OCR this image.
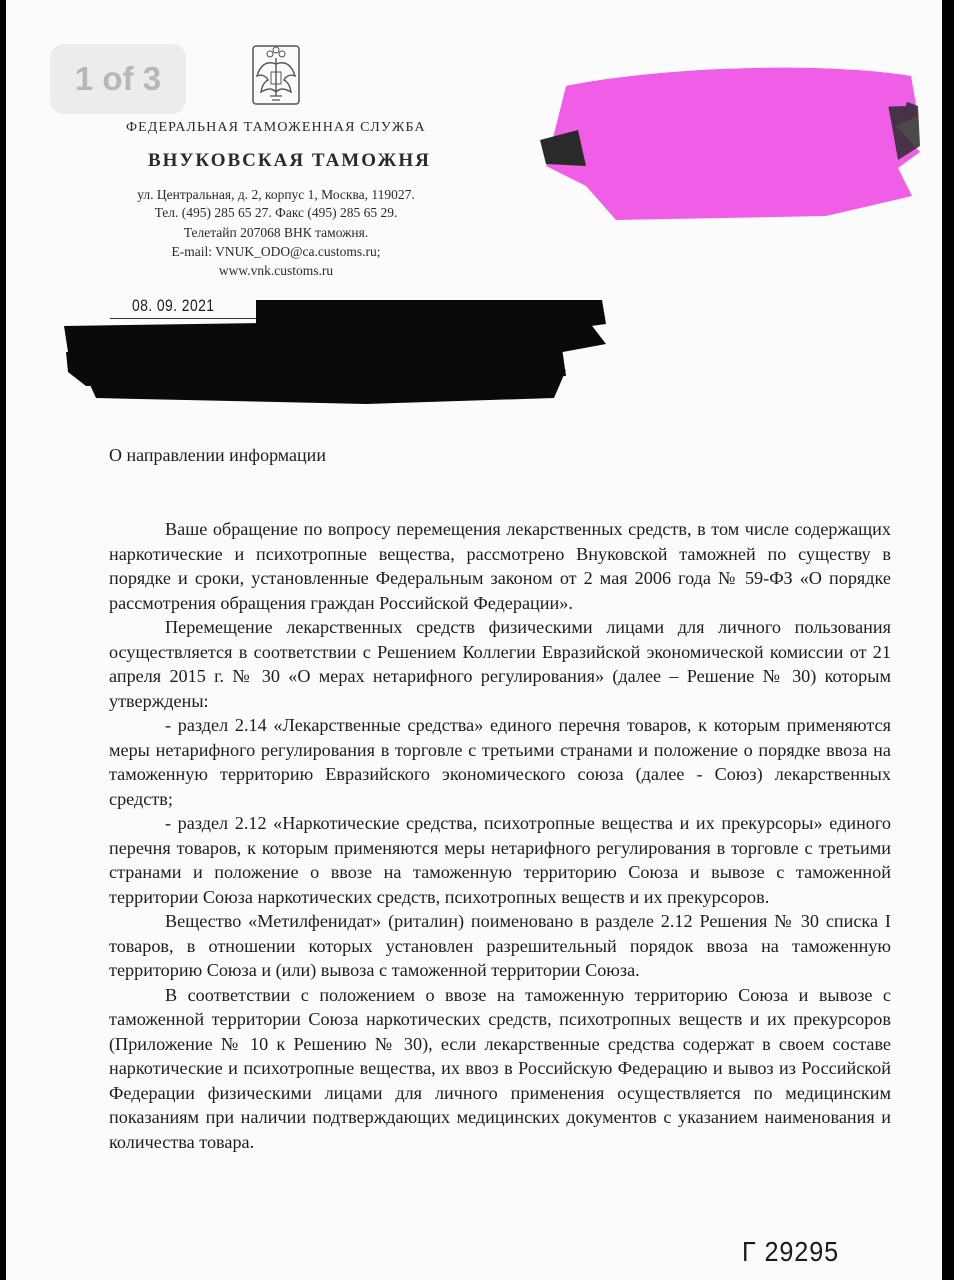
1 of 3
ФЕДЕРАЛЬНАЯ ТАМОЖЕННАЯ СЛУЖБА
ВНУКОВСКАЯ ТАМОЖНЯ
ул. Центральная, д. 2, корпус 1, Москва, 119027.
Тел. (495) 285 65 27. Факс (495) 285 65 29.
Телетайп 207068 ВНК таможня.
E-mail: VNUK_ODO@ca.customs.ru;
www.vnk.customs.ru
08. 09. 2021
О направлении информации

Ваше обращение по вопросу перемещения лекарственных средств, в том числе содержащих наркотические и психотропные вещества, рассмотрено Внуковской таможней по существу в порядке и сроки, установленные Федеральным законом от 2 мая 2006 года № 59-ФЗ «О порядке рассмотрения обращения граждан Российской Федерации».

Перемещение лекарственных средств физическими лицами для личного пользования осуществляется в соответствии с Решением Коллегии Евразийской экономической комиссии от 21 апреля 2015 г. № 30 «О мерах нетарифного регулирования» (далее – Решение № 30) которым утверждены:

- раздел 2.14 «Лекарственные средства» единого перечня товаров, к которым применяются меры нетарифного регулирования в торговле с третьими странами и положение о порядке ввоза на таможенную территорию Евразийского экономического союза (далее - Союз) лекарственных средств;

- раздел 2.12 «Наркотические средства, психотропные вещества и их прекурсоры» единого перечня товаров, к которым применяются меры нетарифного регулирования в торговле с третьими странами и положение о ввозе на таможенную территорию Союза и вывозе с таможенной территории Союза наркотических средств, психотропных веществ и их прекурсоров.

Вещество «Метилфенидат» (риталин) поименовано в разделе 2.12 Решения № 30 списка I товаров, в отношении которых установлен разрешительный порядок ввоза на таможенную территорию Союза и (или) вывоза с таможенной территории Союза.

В соответствии с положением о ввозе на таможенную территорию Союза и вывозе с таможенной территории Союза наркотических средств, психотропных веществ и их прекурсоров (Приложение № 10 к Решению № 30), если лекарственные средства содержат в своем составе наркотические и психотропные вещества, их ввоз в Российскую Федерацию и вывоз из Российской Федерации физическими лицами для личного применения осуществляется по медицинским показаниям при наличии подтверждающих медицинских документов с указанием наименования и количества товара.

Г 29295
